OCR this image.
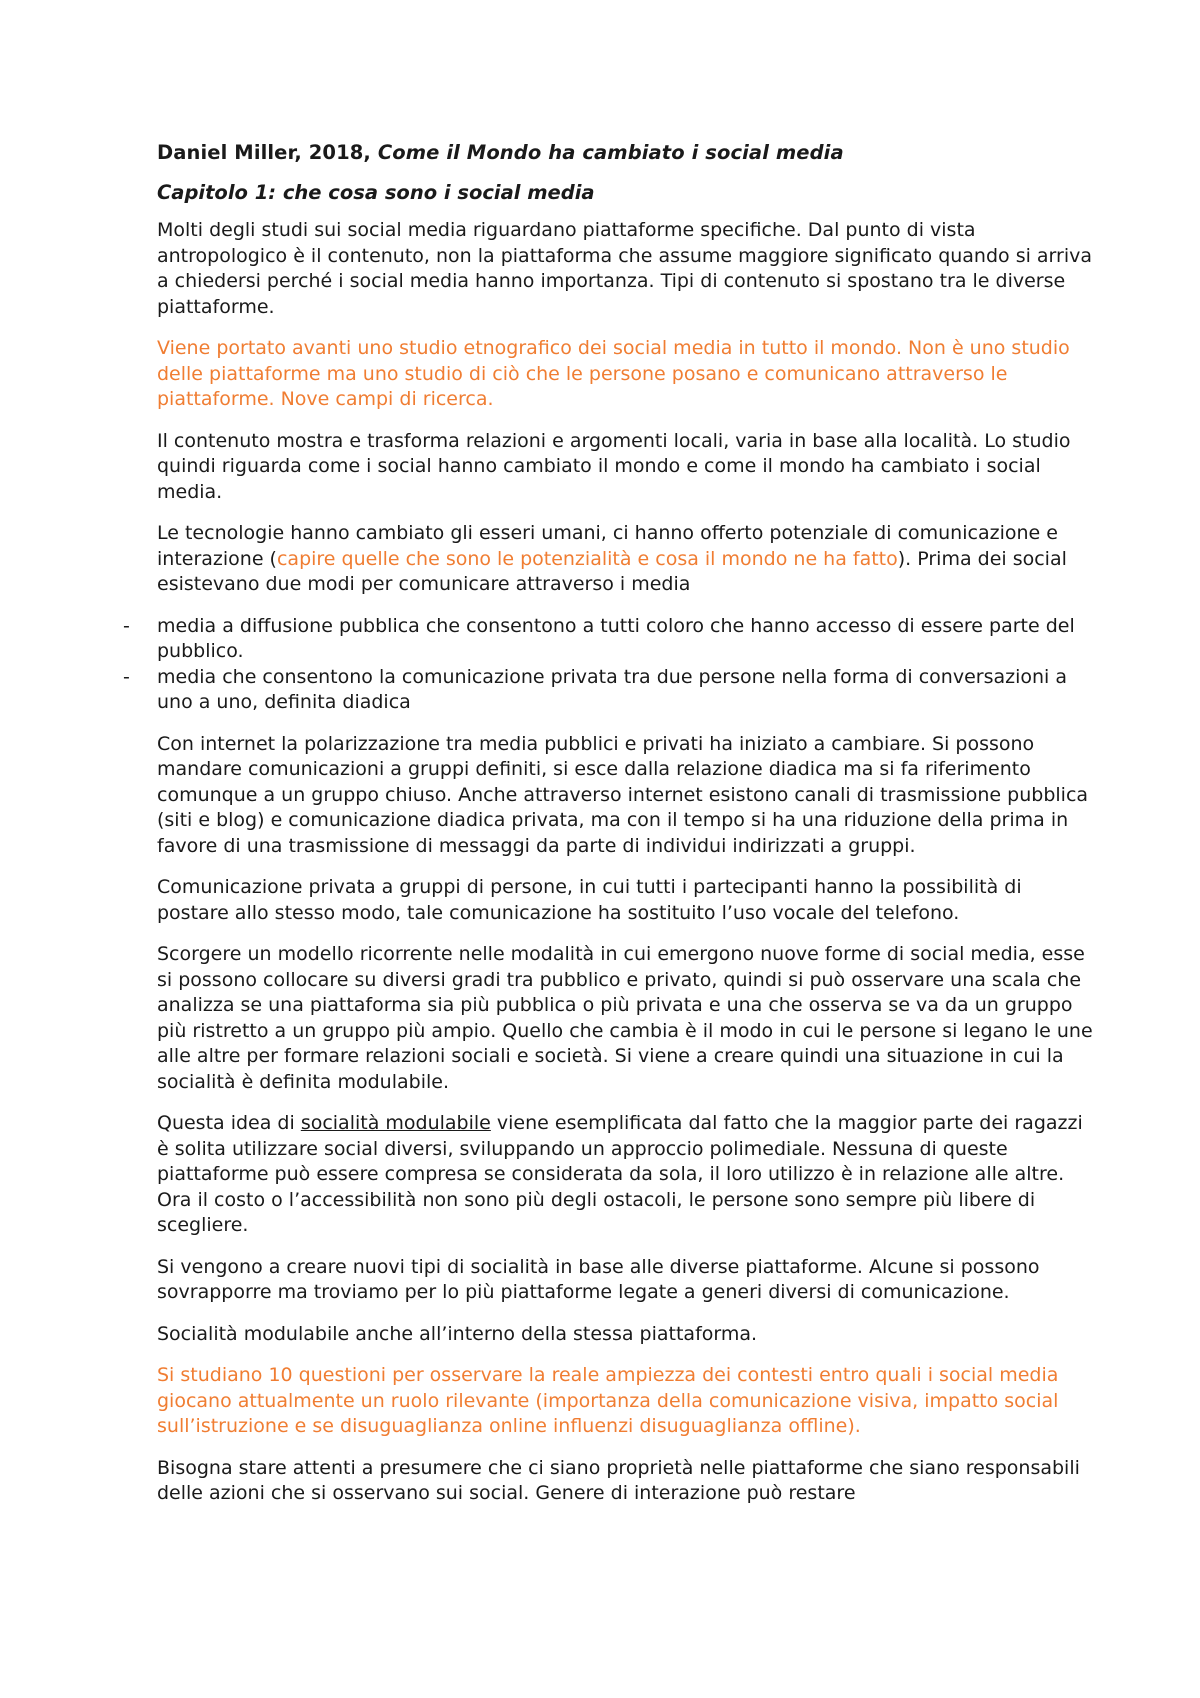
Daniel Miller, 2018, Come il Mondo ha cambiato i social media
Capitolo 1: che cosa sono i social media

Molti degli studi sui social media riguardano piattaforme specifiche. Dal punto di vista antropologico è il contenuto, non la piattaforma che assume maggiore significato quando si arriva a chiedersi perché i social media hanno importanza. Tipi di contenuto si spostano tra le diverse piattaforme.

Viene portato avanti uno studio etnografico dei social media in tutto il mondo. Non è uno studio delle piattaforme ma uno studio di ciò che le persone posano e comunicano attraverso le piattaforme. Nove campi di ricerca.

Il contenuto mostra e trasforma relazioni e argomenti locali, varia in base alla località. Lo studio quindi riguarda come i social hanno cambiato il mondo e come il mondo ha cambiato i social media.

Le tecnologie hanno cambiato gli esseri umani, ci hanno offerto potenziale di comunicazione e interazione (capire quelle che sono le potenzialità e cosa il mondo ne ha fatto). Prima dei social esistevano due modi per comunicare attraverso i media

- media a diffusione pubblica che consentono a tutti coloro che hanno accesso di essere parte del pubblico.
- media che consentono la comunicazione privata tra due persone nella forma di conversazioni a uno a uno, definita diadica

Con internet la polarizzazione tra media pubblici e privati ha iniziato a cambiare. Si possono mandare comunicazioni a gruppi definiti, si esce dalla relazione diadica ma si fa riferimento comunque a un gruppo chiuso. Anche attraverso internet esistono canali di trasmissione pubblica (siti e blog) e comunicazione diadica privata, ma con il tempo si ha una riduzione della prima in favore di una trasmissione di messaggi da parte di individui indirizzati a gruppi.

Comunicazione privata a gruppi di persone, in cui tutti i partecipanti hanno la possibilità di postare allo stesso modo, tale comunicazione ha sostituito l’uso vocale del telefono.

Scorgere un modello ricorrente nelle modalità in cui emergono nuove forme di social media, esse si possono collocare su diversi gradi tra pubblico e privato, quindi si può osservare una scala che analizza se una piattaforma sia più pubblica o più privata e una che osserva se va da un gruppo più ristretto a un gruppo più ampio. Quello che cambia è il modo in cui le persone si legano le une alle altre per formare relazioni sociali e società. Si viene a creare quindi una situazione in cui la socialità è definita modulabile.

Questa idea di socialità modulabile viene esemplificata dal fatto che la maggior parte dei ragazzi è solita utilizzare social diversi, sviluppando un approccio polimediale. Nessuna di queste piattaforme può essere compresa se considerata da sola, il loro utilizzo è in relazione alle altre. Ora il costo o l’accessibilità non sono più degli ostacoli, le persone sono sempre più libere di scegliere.

Si vengono a creare nuovi tipi di socialità in base alle diverse piattaforme. Alcune si possono sovrapporre ma troviamo per lo più piattaforme legate a generi diversi di comunicazione.

Socialità modulabile anche all’interno della stessa piattaforma.

Si studiano 10 questioni per osservare la reale ampiezza dei contesti entro quali i social media giocano attualmente un ruolo rilevante (importanza della comunicazione visiva, impatto social sull’istruzione e se disuguaglianza online influenzi disuguaglianza offline).

Bisogna stare attenti a presumere che ci siano proprietà nelle piattaforme che siano responsabili delle azioni che si osservano sui social. Genere di interazione può restare
